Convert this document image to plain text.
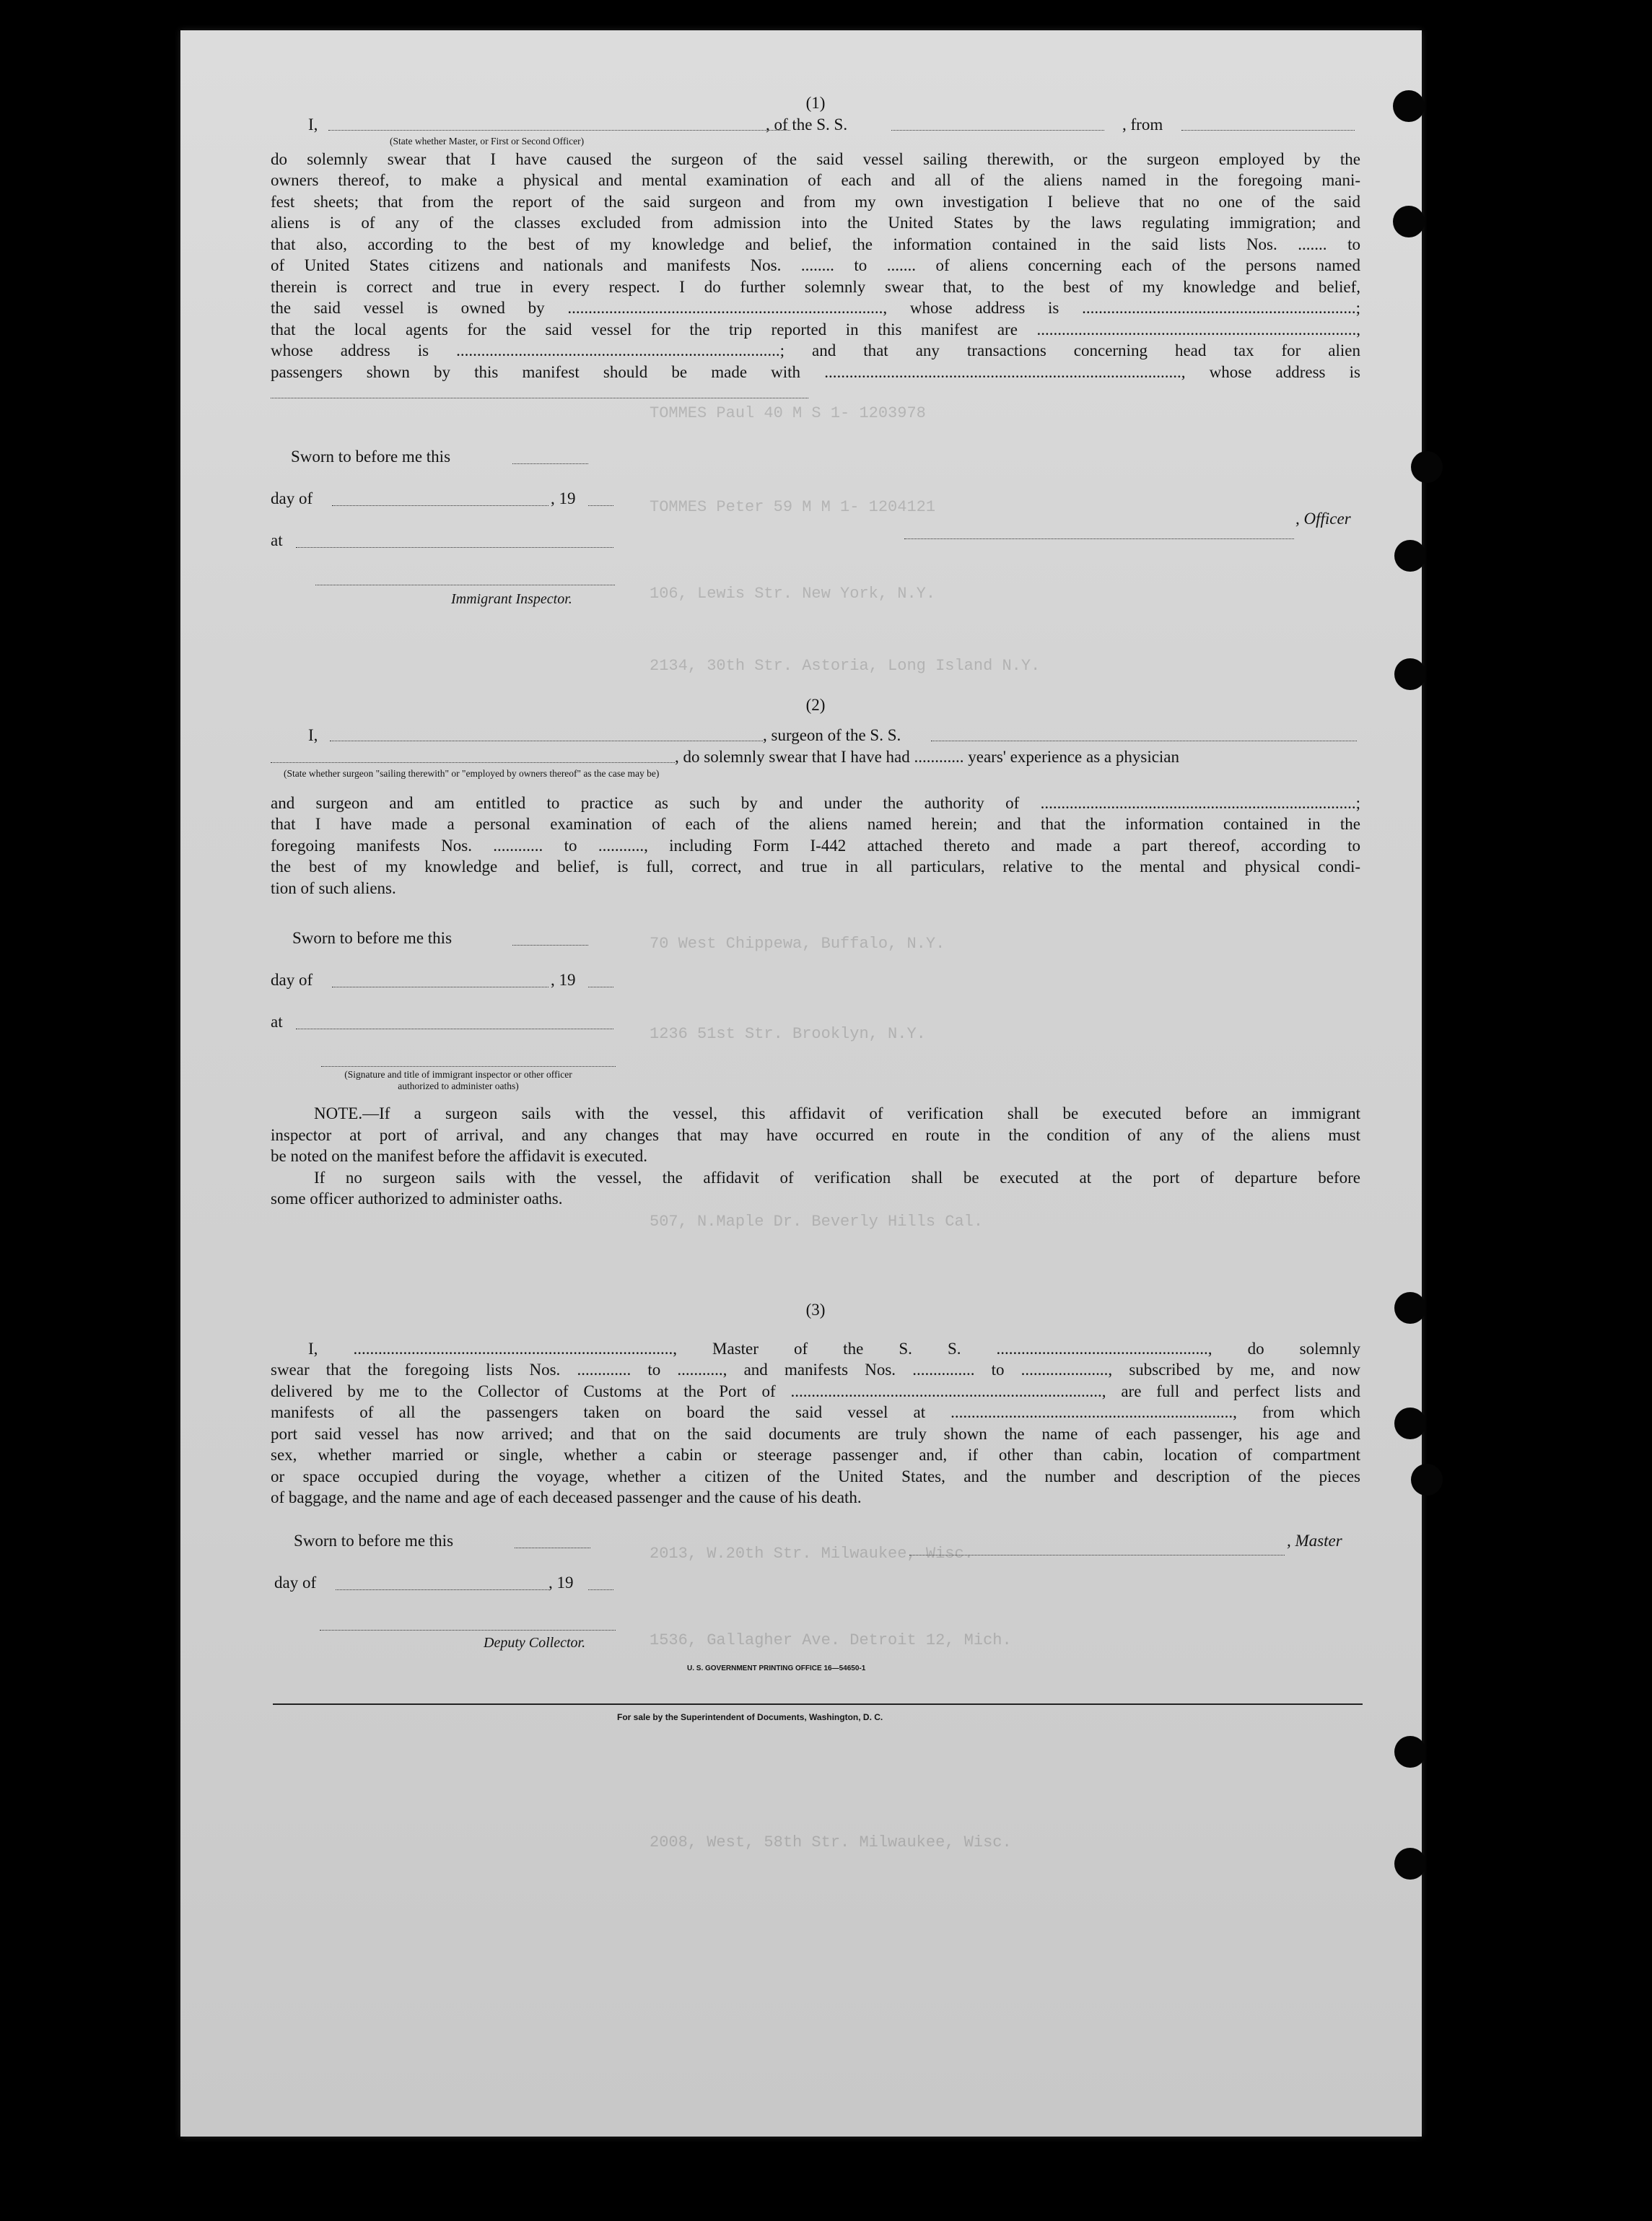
TOMMES Paul 40 M S 1- 1203978
TOMMES Peter 59 M M 1- 1204121
106, Lewis Str. New York, N.Y.
2134, 30th Str. Astoria, Long Island N.Y.
70 West Chippewa, Buffalo, N.Y.
1236 51st Str. Brooklyn, N.Y.
507, N.Maple Dr. Beverly Hills Cal.
2013, W.20th Str. Milwaukee, Wisc.
1536, Gallagher Ave. Detroit 12, Mich.
2008, West, 58th Str. Milwaukee, Wisc.

(1)

I,	, of the S. S.	, from
(State whether Master, or First or Second Officer)

do solemnly swear that I have caused the surgeon of the said vessel sailing therewith, or the surgeon employed by the

owners thereof, to make a physical and mental examination of each and all of the aliens named in the foregoing mani-

fest sheets; that from the report of the said surgeon and from my own investigation I believe that no one of the said

aliens is of any of the classes excluded from admission into the United States by the laws regulating immigration; and

that also, according to the best of my knowledge and belief, the information contained in the said lists Nos. ....... to

of United States citizens and nationals and manifests Nos. ........ to ....... of aliens concerning each of the persons named

therein is correct and true in every respect. I do further solemnly swear that, to the best of my knowledge and belief,

the said vessel is owned by ............................................................................, whose address is ..................................................................;

that the local agents for the said vessel for the trip reported in this manifest are .............................................................................,

whose address is ..............................................................................; and that any transactions concerning head tax for alien

passengers shown by this manifest should be made with ......................................................................................, whose address is

Sworn to before me this
day of	, 19
at
, Officer
Immigrant Inspector.

(2)

I,	, surgeon of the S. S.
, do solemnly swear that I have had ............ years' experience as a physician
(State whether surgeon "sailing therewith" or "employed by owners thereof" as the case may be)

and surgeon and am entitled to practice as such by and under the authority of ............................................................................;

that I have made a personal examination of each of the aliens named herein; and that the information contained in the

foregoing manifests Nos. ............ to ..........., including Form I-442 attached thereto and made a part thereof, according to

the best of my knowledge and belief, is full, correct, and true in all particulars, relative to the mental and physical condi-

tion of such aliens.

Sworn to before me this
day of	, 19
at
(Signature and title of immigrant inspector or other officer authorized to administer oaths)

NOTE.—If a surgeon sails with the vessel, this affidavit of verification shall be executed before an immigrant

inspector at port of arrival, and any changes that may have occurred en route in the condition of any of the aliens must

be noted on the manifest before the affidavit is executed.

If no surgeon sails with the vessel, the affidavit of verification shall be executed at the port of departure before

some officer authorized to administer oaths.

(3)

I, ............................................................................., Master of the S. S. ..................................................., do solemnly

swear that the foregoing lists Nos. ............. to ..........., and manifests Nos. ............... to ....................., subscribed by me, and now

delivered by me to the Collector of Customs at the Port of ..........................................................................., are full and perfect lists and

manifests of all the passengers taken on board the said vessel at ...................................................................., from which

port said vessel has now arrived; and that on the said documents are truly shown the name of each passenger, his age and

sex, whether married or single, whether a cabin or steerage passenger and, if other than cabin, location of compartment

or space occupied during the voyage, whether a citizen of the United States, and the number and description of the pieces

of baggage, and the name and age of each deceased passenger and the cause of his death.

Sworn to before me this
day of	, 19
, Master
Deputy Collector.
U. S. GOVERNMENT PRINTING OFFICE 16—54650-1
For sale by the Superintendent of Documents, Washington, D. C.
